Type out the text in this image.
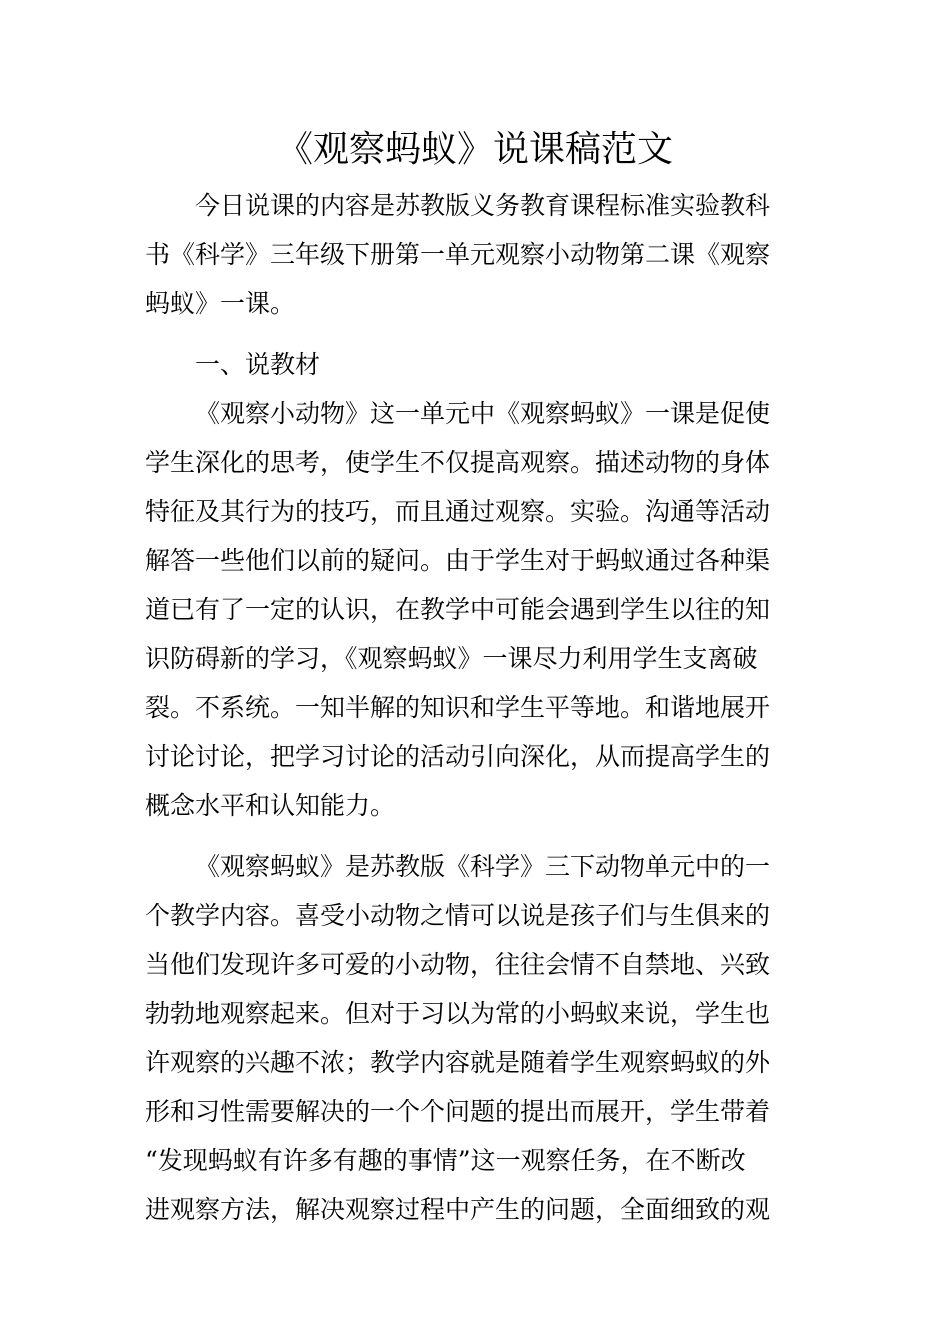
《观察蚂蚁》说课稿范文
今日说课的内容是苏教版义务教育课程标准实验教科
书《科学》三年级下册第一单元观察小动物第二课《观察
蚂蚁》一课。
一、说教材
《观察小动物》这一单元中《观察蚂蚁》一课是促使
学生深化的思考，使学生不仅提高观察。描述动物的身体
特征及其行为的技巧，而且通过观察。实验。沟通等活动
解答一些他们以前的疑问。由于学生对于蚂蚁通过各种渠
道已有了一定的认识，在教学中可能会遇到学生以往的知
识防碍新的学习，《观察蚂蚁》一课尽力利用学生支离破
裂。不系统。一知半解的知识和学生平等地。和谐地展开
讨论讨论，把学习讨论的活动引向深化，从而提高学生的
概念水平和认知能力。
《观察蚂蚁》是苏教版《科学》三下动物单元中的一
个教学内容。喜受小动物之情可以说是孩子们与生俱来的
当他们发现许多可爱的小动物，往往会情不自禁地、兴致
勃勃地观察起来。但对于习以为常的小蚂蚁来说，学生也
许观察的兴趣不浓；教学内容就是随着学生观察蚂蚁的外
形和习性需要解决的一个个问题的提出而展开，学生带着
“发现蚂蚁有许多有趣的事情”这一观察任务，在不断改
进观察方法，解决观察过程中产生的问题，全面细致的观
